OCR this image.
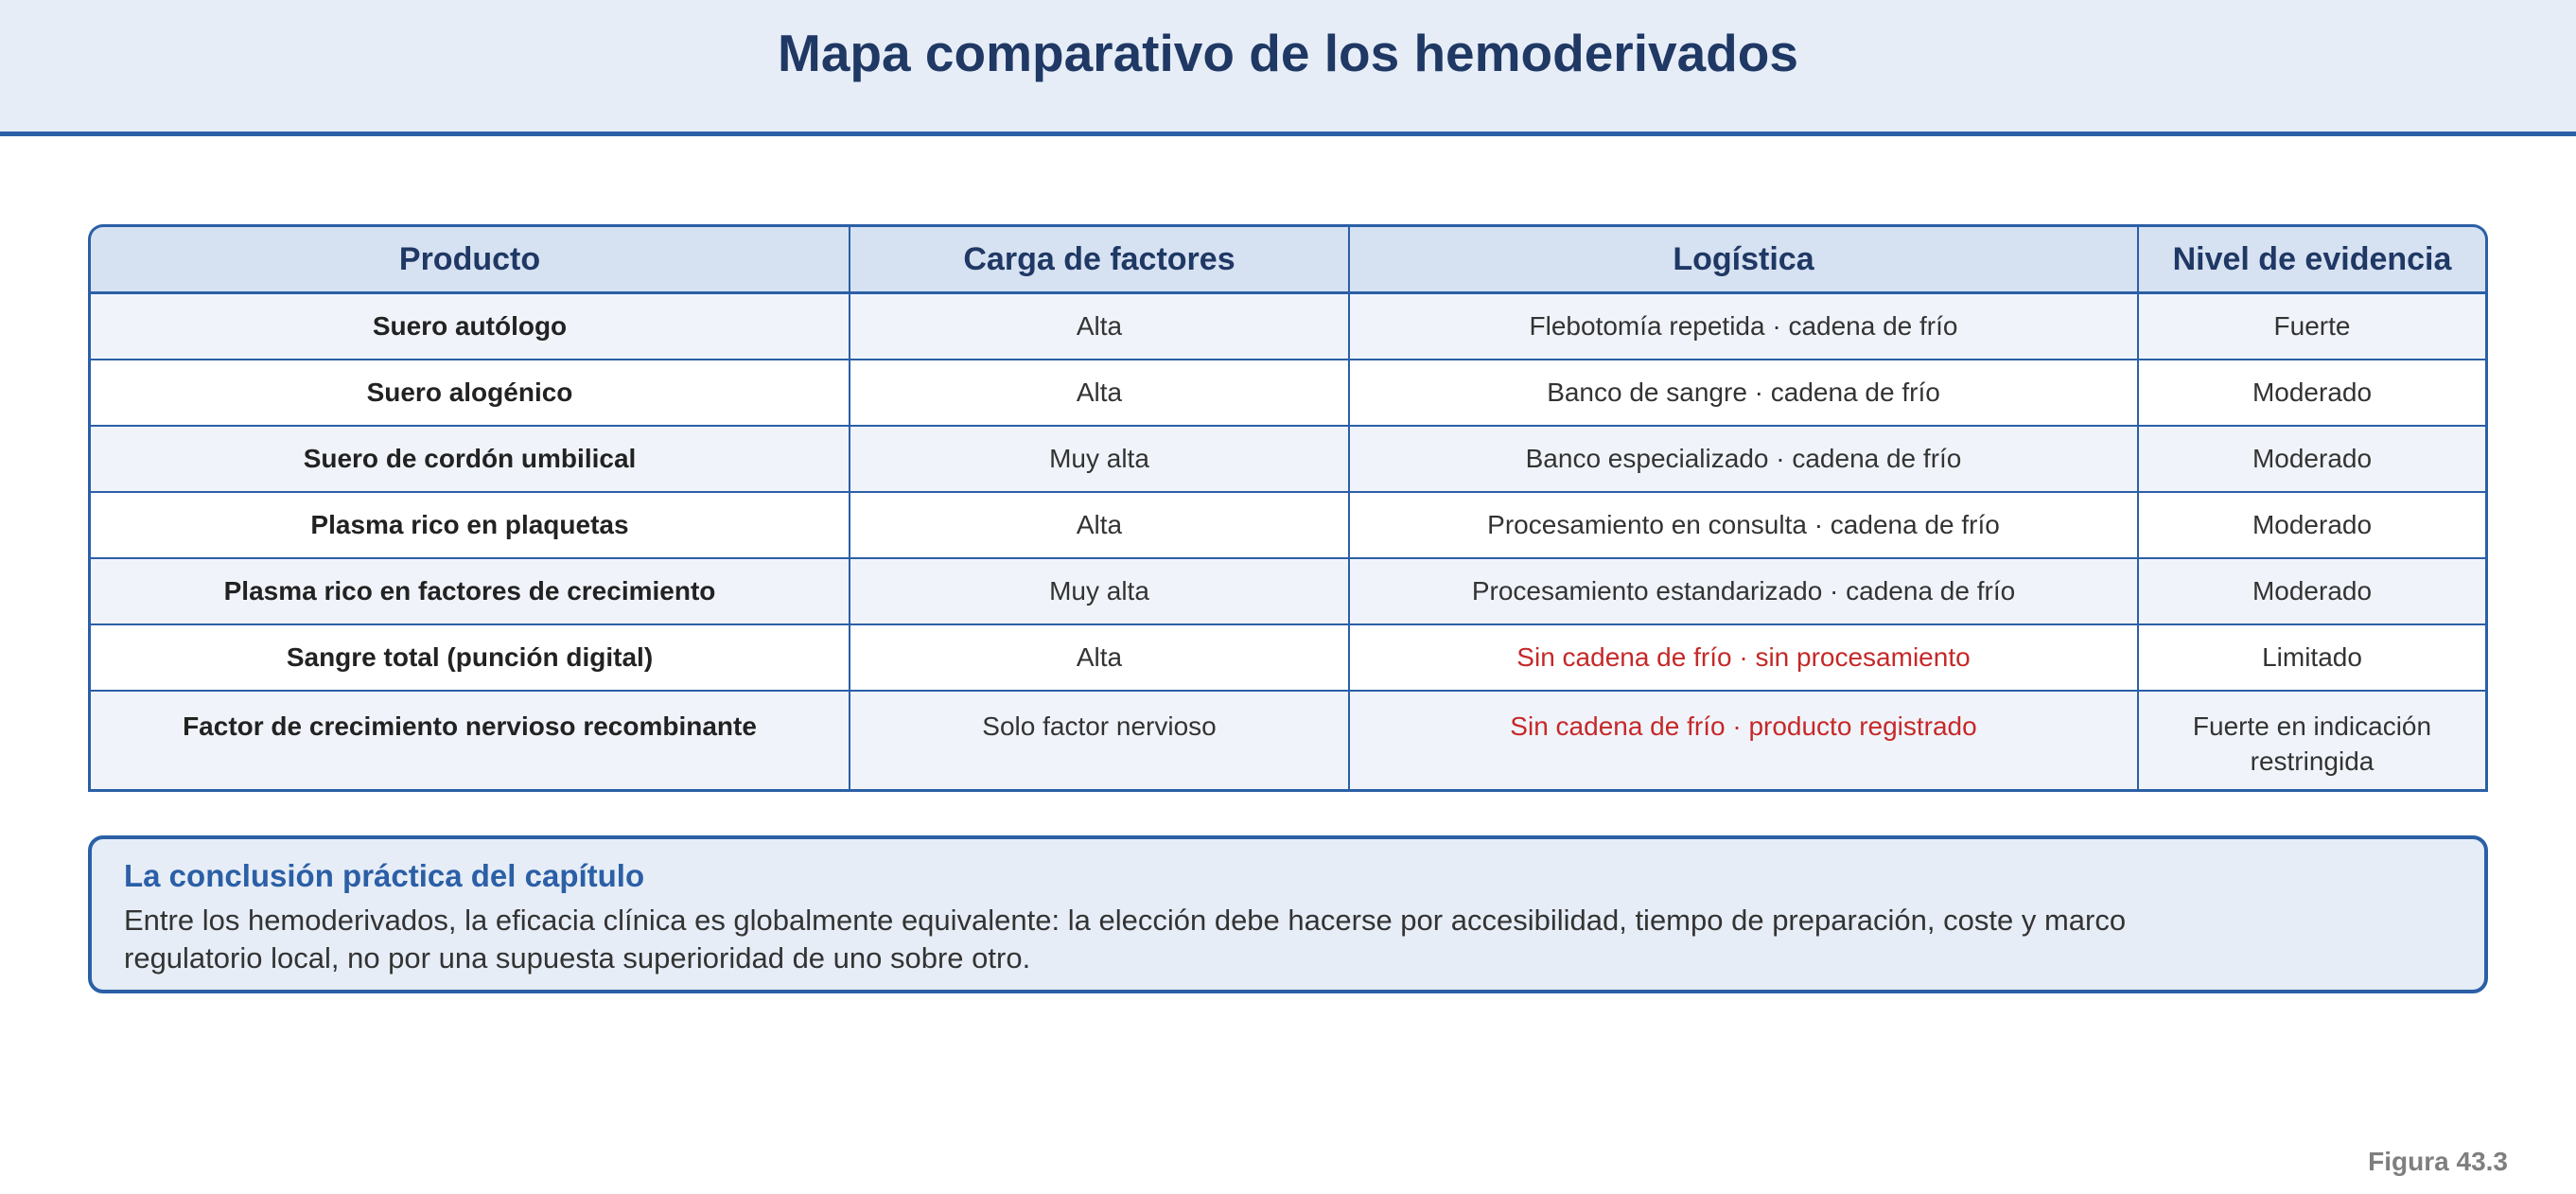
Mapa comparativo de los hemoderivados
Producto	Carga de factores	Logística	Nivel de evidencia
Suero autólogo	Alta	Flebotomía repetida · cadena de frío	Fuerte
Suero alogénico	Alta	Banco de sangre · cadena de frío	Moderado
Suero de cordón umbilical	Muy alta	Banco especializado · cadena de frío	Moderado
Plasma rico en plaquetas	Alta	Procesamiento en consulta · cadena de frío	Moderado
Plasma rico en factores de crecimiento	Muy alta	Procesamiento estandarizado · cadena de frío	Moderado
Sangre total (punción digital)	Alta	Sin cadena de frío · sin procesamiento	Limitado
Factor de crecimiento nervioso recombinante	Solo factor nervioso	Sin cadena de frío · producto registrado	Fuerte en indicación restringida
La conclusión práctica del capítulo
Entre los hemoderivados, la eficacia clínica es globalmente equivalente: la elección debe hacerse por accesibilidad, tiempo de preparación, coste y marco regulatorio local, no por una supuesta superioridad de uno sobre otro.
Figura 43.3
